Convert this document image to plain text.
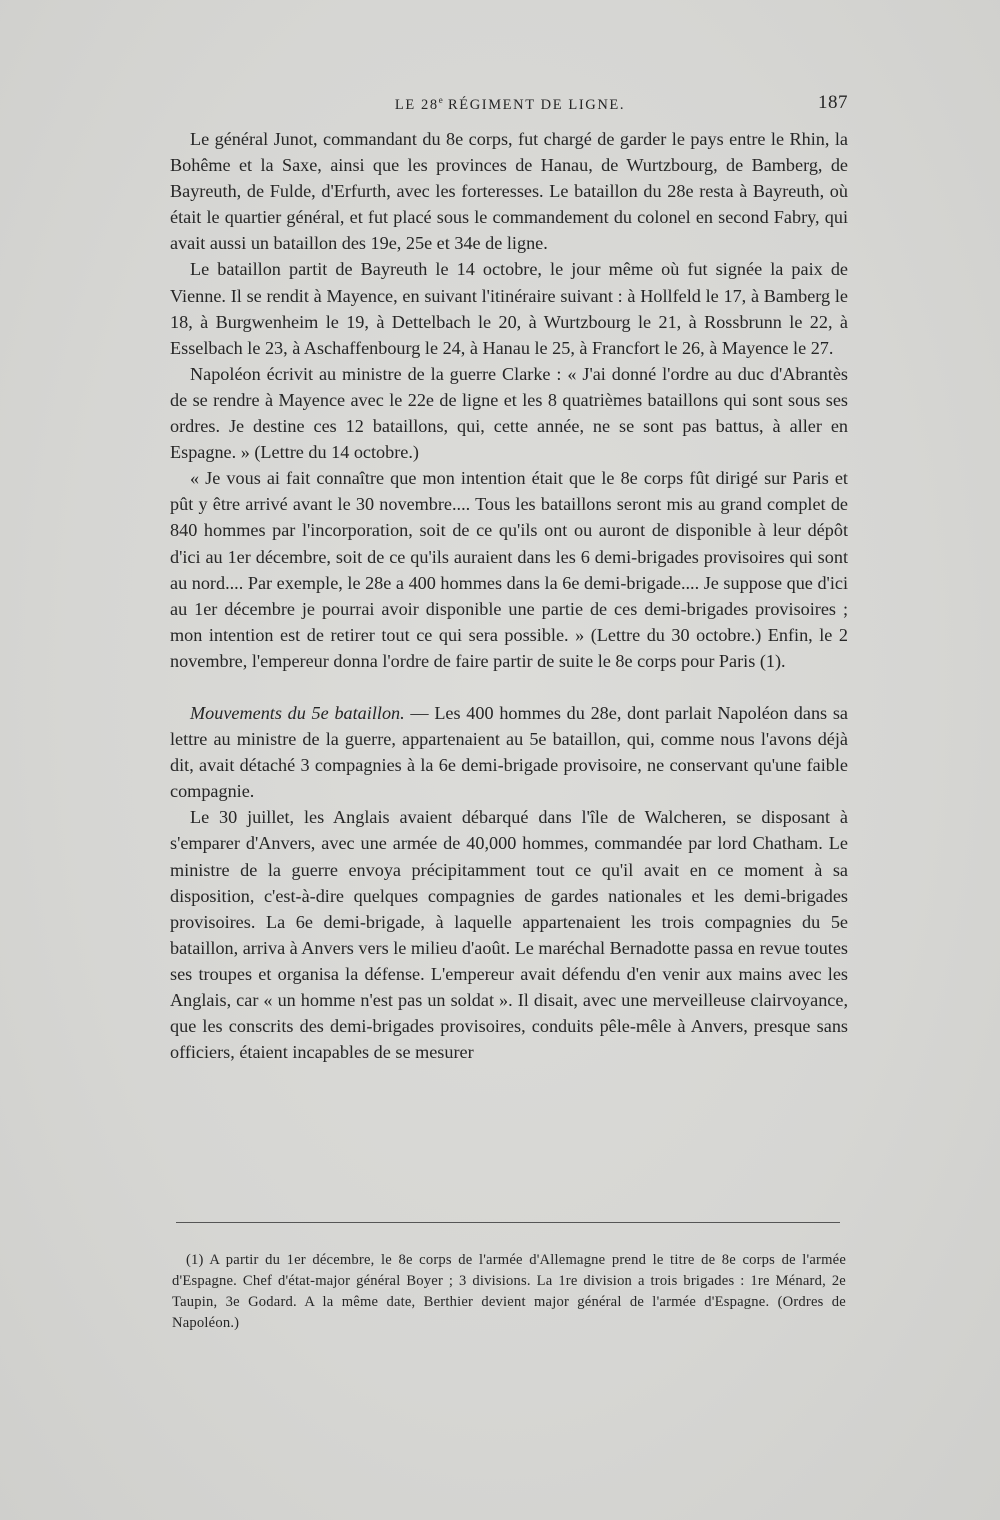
LE 28e RÉGIMENT DE LIGNE.	187

Le général Junot, commandant du 8e corps, fut chargé de garder le pays entre le Rhin, la Bohême et la Saxe, ainsi que les provinces de Hanau, de Wurtzbourg, de Bamberg, de Bayreuth, de Fulde, d'Erfurth, avec les forteresses. Le bataillon du 28e resta à Bayreuth, où était le quartier général, et fut placé sous le commandement du colonel en second Fabry, qui avait aussi un bataillon des 19e, 25e et 34e de ligne.

Le bataillon partit de Bayreuth le 14 octobre, le jour même où fut signée la paix de Vienne. Il se rendit à Mayence, en suivant l'itinéraire suivant : à Hollfeld le 17, à Bamberg le 18, à Burgwenheim le 19, à Dettelbach le 20, à Wurtzbourg le 21, à Rossbrunn le 22, à Esselbach le 23, à Aschaffenbourg le 24, à Hanau le 25, à Francfort le 26, à Mayence le 27.

Napoléon écrivit au ministre de la guerre Clarke : « J'ai donné l'ordre au duc d'Abrantès de se rendre à Mayence avec le 22e de ligne et les 8 quatrièmes bataillons qui sont sous ses ordres. Je destine ces 12 bataillons, qui, cette année, ne se sont pas battus, à aller en Espagne. » (Lettre du 14 octobre.)

« Je vous ai fait connaître que mon intention était que le 8e corps fût dirigé sur Paris et pût y être arrivé avant le 30 novembre.... Tous les bataillons seront mis au grand complet de 840 hommes par l'incorporation, soit de ce qu'ils ont ou auront de disponible à leur dépôt d'ici au 1er décembre, soit de ce qu'ils auraient dans les 6 demi-brigades provisoires qui sont au nord.... Par exemple, le 28e a 400 hommes dans la 6e demi-brigade.... Je suppose que d'ici au 1er décembre je pourrai avoir disponible une partie de ces demi-brigades provisoires ; mon intention est de retirer tout ce qui sera possible. » (Lettre du 30 octobre.) Enfin, le 2 novembre, l'empereur donna l'ordre de faire partir de suite le 8e corps pour Paris (1).

Mouvements du 5e bataillon. — Les 400 hommes du 28e, dont parlait Napoléon dans sa lettre au ministre de la guerre, appartenaient au 5e bataillon, qui, comme nous l'avons déjà dit, avait détaché 3 compagnies à la 6e demi-brigade provisoire, ne conservant qu'une faible compagnie.

Le 30 juillet, les Anglais avaient débarqué dans l'île de Walcheren, se disposant à s'emparer d'Anvers, avec une armée de 40,000 hommes, commandée par lord Chatham. Le ministre de la guerre envoya précipitamment tout ce qu'il avait en ce moment à sa disposition, c'est-à-dire quelques compagnies de gardes nationales et les demi-brigades provisoires. La 6e demi-brigade, à laquelle appartenaient les trois compagnies du 5e bataillon, arriva à Anvers vers le milieu d'août. Le maréchal Bernadotte passa en revue toutes ses troupes et organisa la défense. L'empereur avait défendu d'en venir aux mains avec les Anglais, car « un homme n'est pas un soldat ». Il disait, avec une merveilleuse clairvoyance, que les conscrits des demi-brigades provisoires, conduits pêle-mêle à Anvers, presque sans officiers, étaient incapables de se mesurer

(1) A partir du 1er décembre, le 8e corps de l'armée d'Allemagne prend le titre de 8e corps de l'armée d'Espagne. Chef d'état-major général Boyer ; 3 divisions. La 1re division a trois brigades : 1re Ménard, 2e Taupin, 3e Godard. A la même date, Berthier devient major général de l'armée d'Espagne. (Ordres de Napoléon.)
